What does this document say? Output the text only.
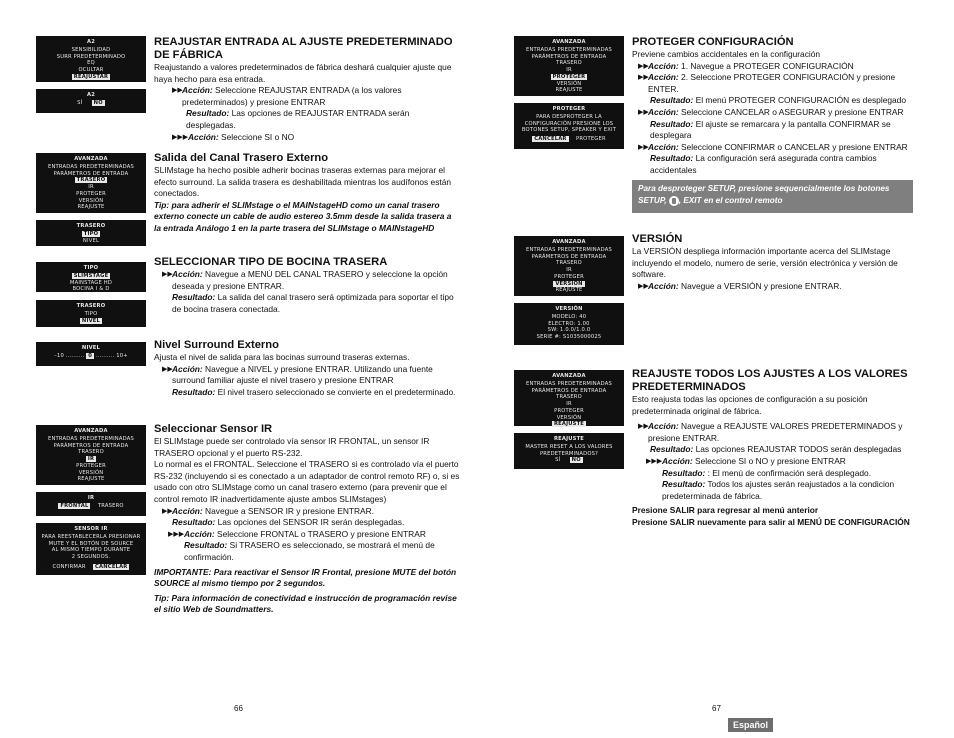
A2
SENSIBILIDAD
SURR PREDETERMINADO
EQ
OCULTAR
REAJUSTAR
A2
SÍ NO
AVANZADA
ENTRADAS PREDETERMINADAS
PARÁMETROS DE ENTRADA
TRASERO
IR
PROTEGER
VERSIÓN
REAJUSTE
TRASERO
TIPO
NIVEL
TIPO
SLIMSTAGE
MAINSTAGE HD
BOCINA I & D
TRASERO
TIPO
NIVEL
NIVEL
–10 .......... 0 .......... 10+
AVANZADA
ENTRADAS PREDETERMINADAS
PARÁMETROS DE ENTRADA
TRASERO
IR
PROTEGER
VERSIÓN
REAJUSTE
IR
FRONTAL TRASERO
SENSOR IR
PARA REESTABLECERLA PRESIONAR
MUTE Y EL BOTÓN DE SOURCE
AL MISMO TIEMPO DURANTE
2 SEGUNDOS.
CONFIRMAR CANCELAR
REAJUSTAR ENTRADA AL AJUSTE PREDETERMINADO DE FÁBRICA

Reajustando a valores predeterminados de fábrica deshará cualquier ajuste que haya hecho para esa entrada.

▶▶ Acción: Seleccione REAJUSTAR ENTRADA (a los valores predeterminados) y presione ENTRAR

Resultado: Las opciones de REAJUSTAR ENTRADA serán desplegadas.

▶▶▶ Acción: Seleccione SI o NO
Salida del Canal Trasero Externo

SLIMstage ha hecho posible adherir bocinas traseras externas para mejorar el efecto surround. La salida trasera es deshabilitada mientras los audífonos están conectados.

Tip: para adherir el SLIMstage o el MAINstageHD como un canal trasero externo conecte un cable de audio estereo 3.5mm desde la salida trasera a la entrada Análogo 1 en la parte trasera del SLIMstage o MAINstageHD

SELECCIONAR TIPO DE BOCINA TRASERA
▶▶ Acción: Navegue a MENÚ DEL CANAL TRASERO y seleccione la opción deseada y presione ENTRAR.

Resultado: La salida del canal trasero será optimizada para soportar el tipo de bocina trasera conectada.

Nivel Surround Externo

Ajusta el nivel de salida para las bocinas surround traseras externas.

▶▶ Acción: Navegue a NIVEL y presione ENTRAR. Utilizando una fuente surround familiar ajuste el nivel trasero y presione ENTRAR

Resultado: El nivel trasero seleccionado se convierte en el predeterminado.

Seleccionar Sensor IR

El SLIMstage puede ser controlado vía sensor IR FRONTAL, un sensor IR TRASERO opcional y el puerto RS-232.

Lo normal es el FRONTAL. Seleccione el TRASERO si es controlado vía el puerto RS-232 (incluyendo si es conectado a un adaptador de control remoto RF) o, si es usado con otro SLIMstage como un canal trasero externo (para prevenir que el control remoto IR inadvertidamente ajuste ambos SLIMstages)

▶▶ Acción: Navegue a SENSOR IR y presione ENTRAR.

Resultado: Las opciones del SENSOR IR serán desplegadas.

▶▶▶ Acción: Seleccione FRONTAL o TRASERO y presione ENTRAR

Resultado: Si TRASERO es seleccionado, se mostrará el menú de confirmación.

IMPORTANTE: Para reactivar el Sensor IR Frontal, presione MUTE del botón SOURCE al mismo tiempo por 2 segundos.

Tip: Para información de conectividad e instrucción de programación revise el sitio Web de Soundmatters.

66
AVANZADA
ENTRADAS PREDETERMINADAS
PARÁMETROS DE ENTRADA
TRASERO
IR
PROTEGER
VERSIÓN
REAJUSTE
PROTEGER
PARA DESPROTEGER LA
CONFIGURACIÓN PRESIONE LOS
BOTONES SETUP, SPEAKER Y EXIT
CANCELAR PROTEGER
AVANZADA
ENTRADAS PREDETERMINADAS
PARÁMETROS DE ENTRADA
TRASERO
IR
PROTEGER
VERSIÓN
REAJUSTE
VERSIÓN
MODELO: 40
ELECTRO: 1.00
SW: 1.0.0/1.0.0
SERIE #: S1035000025
AVANZADA
ENTRADAS PREDETERMINADAS
PARÁMETROS DE ENTRADA
TRASERO
IR
PROTEGER
VERSIÓN
REAJUSTE
REAJUSTE
MASTER RESET A LOS VALORES
PREDETERMINADOS?
SÍ NO
PROTEGER CONFIGURACIÓN

Previene cambios accidentales en la configuración

▶▶ Acción: 1. Navegue a PROTEGER CONFIGURACIÓN
▶▶ Acción: 2. Seleccione PROTEGER CONFIGURACIÓN y presione ENTER.

Resultado: El menú PROTEGER CONFIGURACIÓN es desplegado

▶▶ Acción: Seleccione CANCELAR o ASEGURAR y presione ENTRAR

Resultado: El ajuste se remarcara y la pantalla CONFIRMAR se desplegara

▶▶ Acción: Seleccione CONFIRMAR o CANCELAR y presione ENTRAR

Resultado: La configuración será asegurada contra cambios accidentales

Para desproteger SETUP, presione sequencialmente los botones SETUP, , EXIT en el control remoto
VERSIÓN

La VERSIÓN despliega información importante acerca del SLIMstage incluyendo el modelo, numero de serie, versión electrónica y versión de software.

▶▶ Acción: Navegue a VERSIÓN y presione ENTRAR.
REAJUSTE TODOS LOS AJUSTES A LOS VALORES PREDETERMINADOS

Esto reajusta todas las opciones de configuración a su posición predeterminada original de fábrica.

▶▶ Acción: Navegue a REAJUSTE VALORES PREDETERMINADOS y presione ENTRAR.

Resultado: Las opciones REAJUSTAR TODOS serán desplegadas

▶▶▶ Acción: Seleccione SI o NO y presione ENTRAR

Resultado: : El menú de confirmación será desplegado.

Resultado: Todos los ajustes serán reajustados a la condicion predeterminada de fábrica.

Presione SALIR para regresar al menú anterior

Presione SALIR nuevamente para salir al MENÚ DE CONFIGURACIÓN

67
Español
